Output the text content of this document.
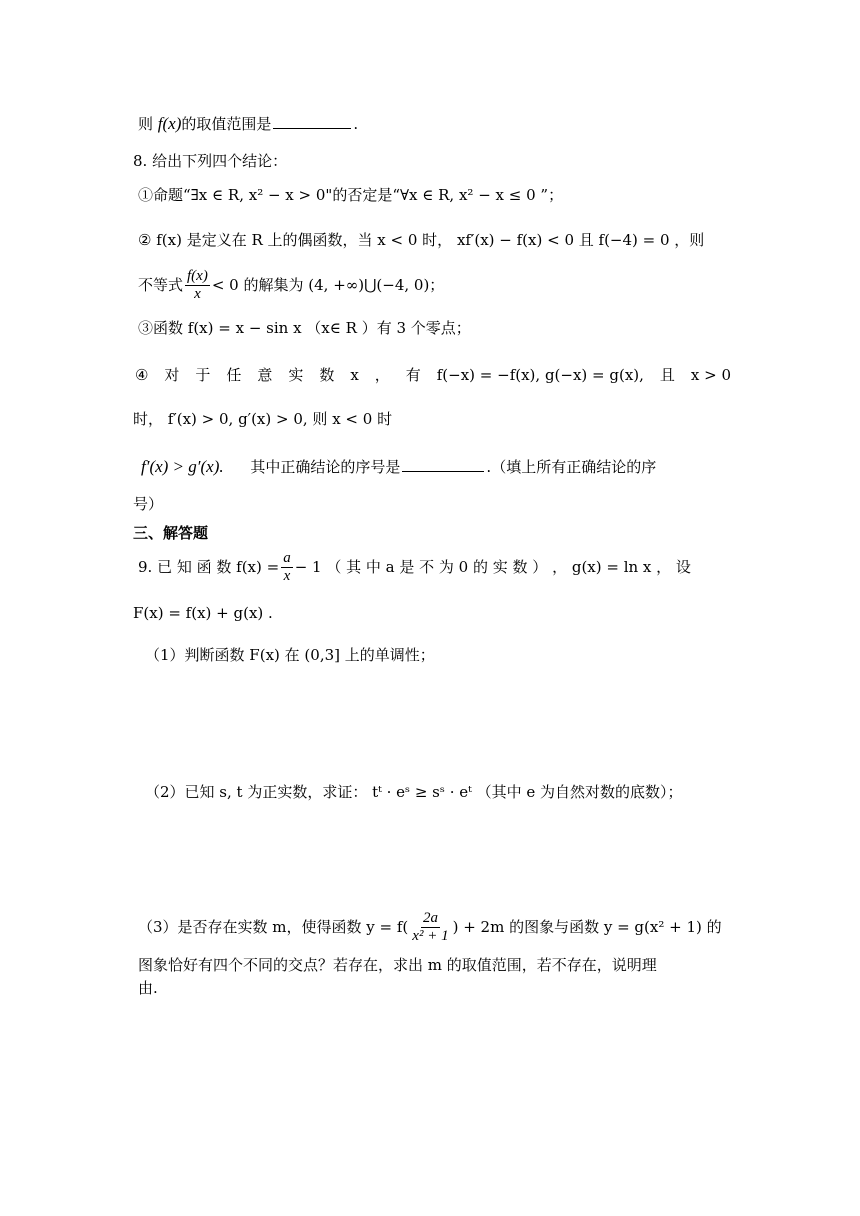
则 f(x)的取值范围是	.
8. 给出下列四个结论：
①命题“∃x ∈ R, x² − x > 0"的否定是“∀x ∈ R, x² − x ≤ 0 ”；
② f(x) 是定义在 R 上的偶函数，当 x < 0 时， xf′(x) − f(x) < 0 且 f(−4) = 0 ，则
不等式 $\frac{f(x)}{x} < 0$ 的解集为 (4, +∞)⋃(−4, 0)；
③函数 f(x) = x − sin x （x∈ R ）有 3 个零点；
④ 对 于 任 意 实 数 x ， 有 f(−x) = −f(x), g(−x) = g(x), 且 x > 0
时， f′(x) > 0, g′(x) > 0, 则 x < 0 时
f′(x) > g′(x). 其中正确结论的序号是	.（填上所有正确结论的序
号）
三、解答题
9. 已 知 函 数 $f(x) = \frac{a}{x} - 1$ （ 其 中 a 是 不 为 0 的 实 数 ） ， g(x) = ln x ， 设
F(x) = f(x) + g(x) .
（1）判断函数 F(x) 在 (0,3] 上的单调性；
（2）已知 s, t 为正实数，求证： tᵗ · eˢ ≥ sˢ · eᵗ （其中 e 为自然对数的底数）；
（3）是否存在实数 m，使得函数 $y = f( \frac{2a}{\text{x² + 1}}$ ) + 2m 的图象与函数 y = g(x² + 1) 的
图象恰好有四个不同的交点？若存在，求出 m 的取值范围，若不存在，说明理
由.
